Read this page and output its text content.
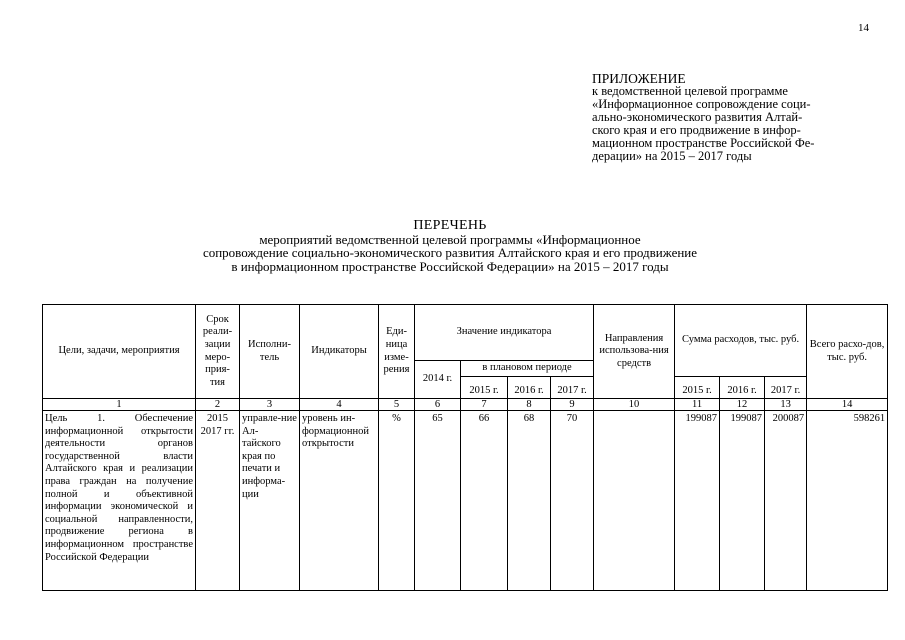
14
ПРИЛОЖЕНИЕ
к ведомственной целевой программе
«Информационное сопровождение соци-
ально-экономического развития Алтай-
ского края и его продвижение в инфор-
мационном пространстве Российской Фе-
дерации» на 2015 – 2017 годы
ПЕРЕЧЕНЬ
мероприятий ведомственной целевой программы «Информационное
сопровождение социально-экономического развития Алтайского края и его продвижение
в информационном пространстве Российской Федерации» на 2015 – 2017 годы
Цели, задачи, мероприятия	Срок реали-зации меро-прия-тия	Исполни-тель	Индикаторы	Еди-ница изме-рения	Значение индикатора				Направления использова-ния средств	Сумма расходов, тыс. руб.			Всего расхо-дов, тыс. руб.
					2014 г.	в плановом периоде							
						2015 г.	2016 г.	2017 г.		2015 г.	2016 г.	2017 г.	
1	2	3	4	5	6	7	8	9	10	11	12	13	14
Цель 1. Обеспечение информационной открытости деятельности органов государственной власти Алтайского края и реализации права граждан на получение полной и объективной информации экономической и социальной направленности, продвижение региона в информационном пространстве Российской Федерации	2015 2017 гг.	управле-ние Ал-тайского края по печати и информа-ции	уровень ин-формационной открытости	%	65	66	68	70		199087	199087	200087	598261
